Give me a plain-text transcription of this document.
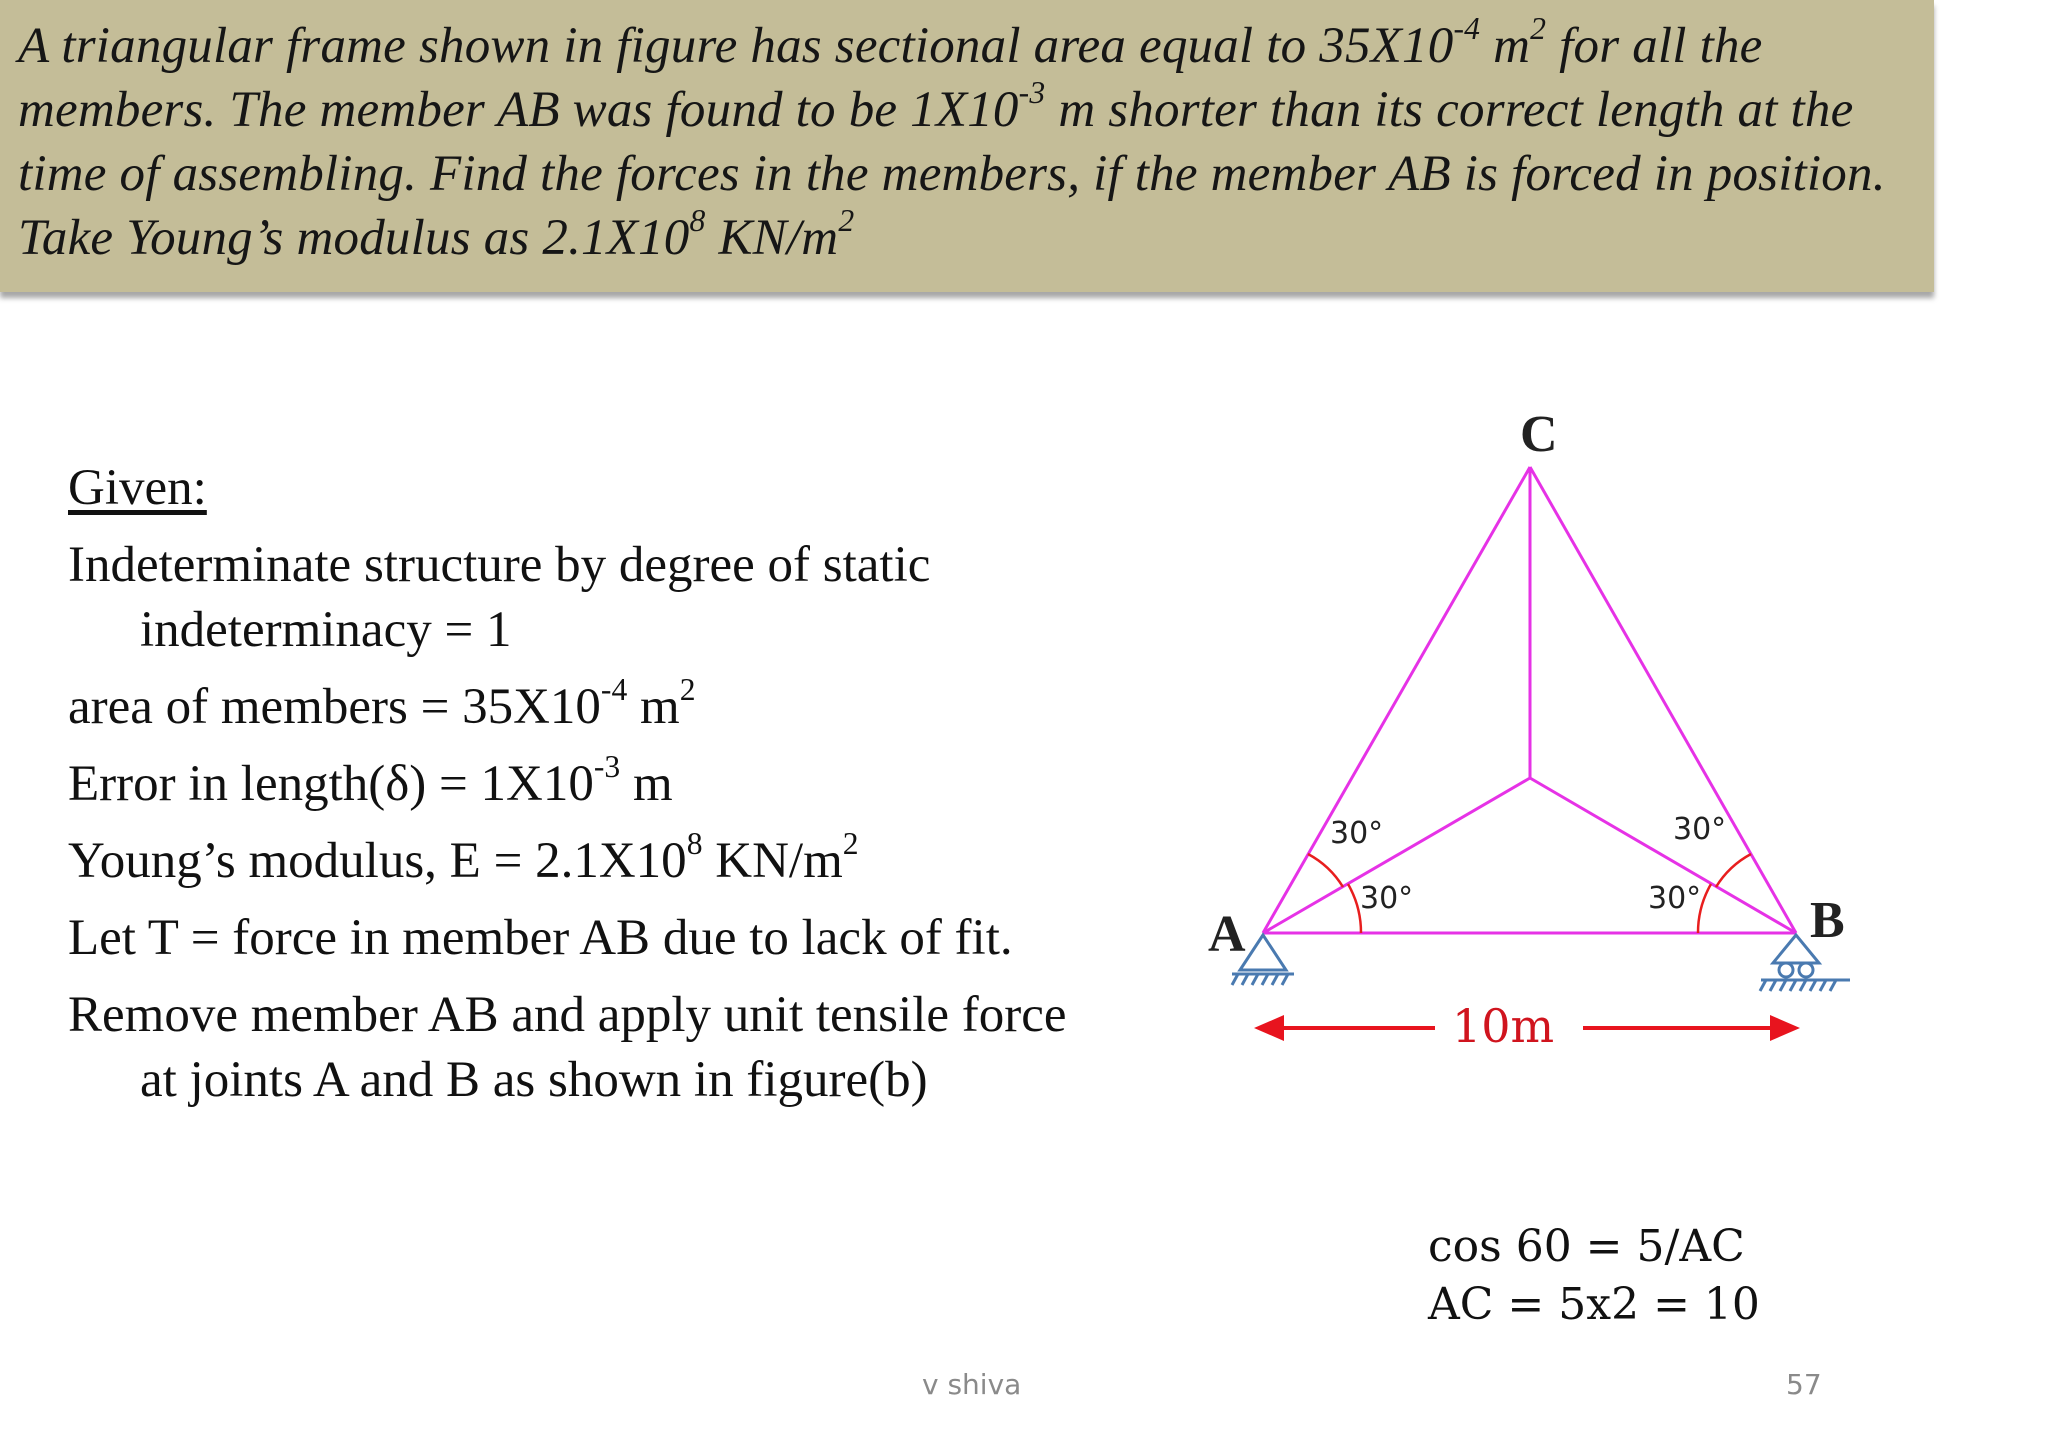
A triangular frame shown in figure has sectional area equal to $35X10^{-4}$ $m^2$ for all the members. The member AB was found to be $1X10^{-3}$ m shorter than its correct length at the time of assembling. Find the forces in the members, if the member AB is forced in position. Take Young’s modulus as $2.1X10^8$ $KN/m^2$

Given:

Indeterminate structure by degree of static

indeterminacy = 1

area of members = $35X10^{-4}$ $m^2$

Error in length(δ) = $1X10^{-3}$ m

Young’s modulus, $E = 2.1X10^8$ $KN/m^2$

Let T = force in member AB due to lack of fit.

Remove member AB and apply unit tensile force

at joints A and B as shown in figure(b)

30°
30°
30°
30°
C
A	B
10m
cos 60 = 5/AC
AC = 5x2 = 10
v shiva	57
